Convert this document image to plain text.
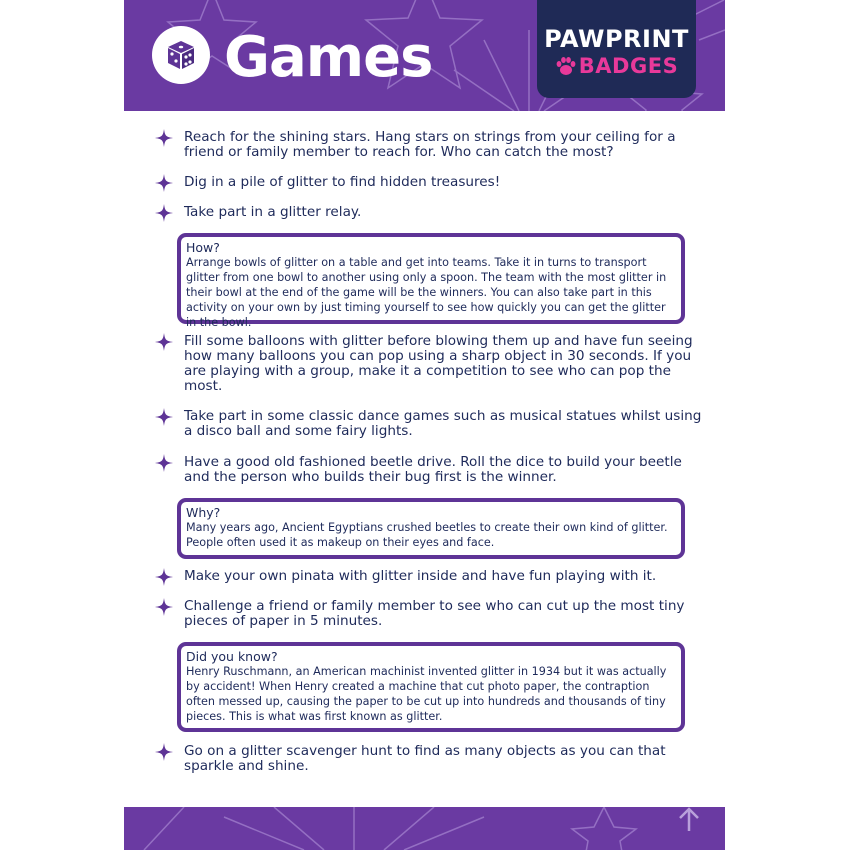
Games	PAWPRINT
BADGES
Reach for the shining stars. Hang stars on strings from your ceiling for a friend or family member to reach for. Who can catch the most?
Dig in a pile of glitter to find hidden treasures!
Take part in a glitter relay.
How?
Arrange bowls of glitter on a table and get into teams. Take it in turns to transport glitter from one bowl to another using only a spoon. The team with the most glitter in their bowl at the end of the game will be the winners. You can also take part in this activity on your own by just timing yourself to see how quickly you can get the glitter in the bowl.
Fill some balloons with glitter before blowing them up and have fun seeing how many balloons you can pop using a sharp object in 30 seconds. If you are playing with a group, make it a competition to see who can pop the most.
Take part in some classic dance games such as musical statues whilst using a disco ball and some fairy lights.
Have a good old fashioned beetle drive. Roll the dice to build your beetle and the person who builds their bug first is the winner.
Why?
Many years ago, Ancient Egyptians crushed beetles to create their own kind of glitter. People often used it as makeup on their eyes and face.
Make your own pinata with glitter inside and have fun playing with it.
Challenge a friend or family member to see who can cut up the most tiny pieces of paper in 5 minutes.
Did you know?
Henry Ruschmann, an American machinist invented glitter in 1934 but it was actually by accident! When Henry created a machine that cut photo paper, the contraption often messed up, causing the paper to be cut up into hundreds and thousands of tiny pieces. This is what was first known as glitter.
Go on a glitter scavenger hunt to find as many objects as you can that sparkle and shine.
